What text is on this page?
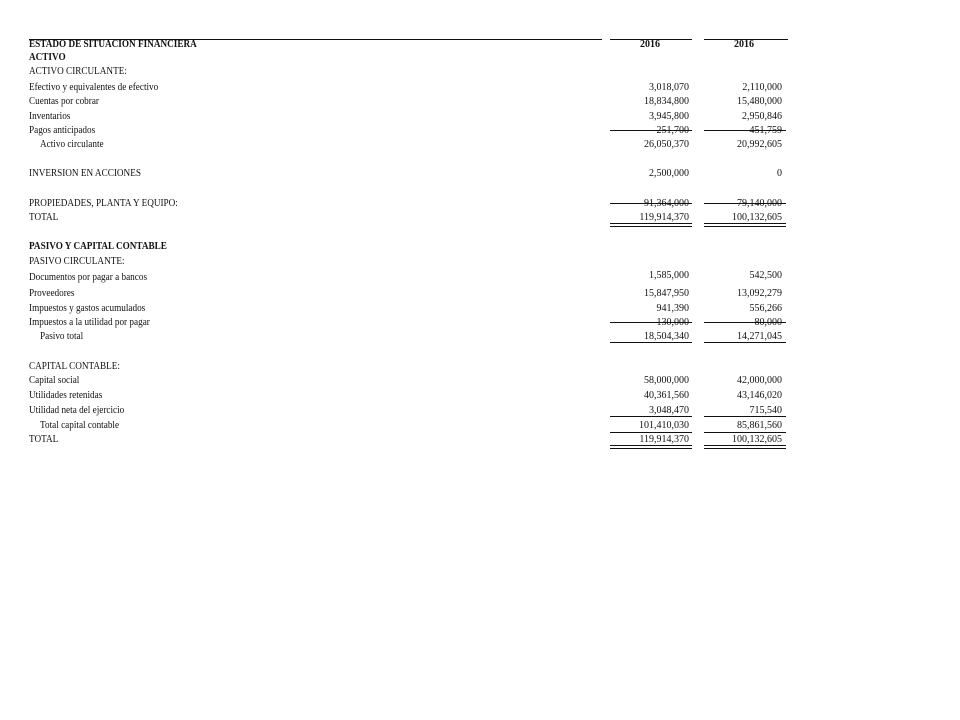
ESTADO DE SITUACION FINANCIERA	2016	2016
ACTIVO
ACTIVO CIRCULANTE:
Efectivo y equivalentes de efectivo	3,018,070	2,110,000
Cuentas por cobrar	18,834,800	15,480,000
Inventarios	3,945,800	2,950,846
Pagos anticipados	251,700	451,759
Activo circulante	26,050,370	20,992,605
INVERSION EN ACCIONES	2,500,000	0
PROPIEDADES, PLANTA Y EQUIPO:	91,364,000	79,140,000
TOTAL	119,914,370	100,132,605
PASIVO Y CAPITAL CONTABLE
PASIVO CIRCULANTE:
Documentos por pagar a bancos	1,585,000	542,500
Proveedores	15,847,950	13,092,279
Impuestos y gastos acumulados	941,390	556,266
Impuestos a la utilidad por pagar	130,000	80,000
Pasivo total	18,504,340	14,271,045
CAPITAL CONTABLE:
Capital social	58,000,000	42,000,000
Utilidades retenidas	40,361,560	43,146,020
Utilidad neta del ejercicio	3,048,470	715,540
Total capital contable	101,410,030	85,861,560
TOTAL	119,914,370	100,132,605
